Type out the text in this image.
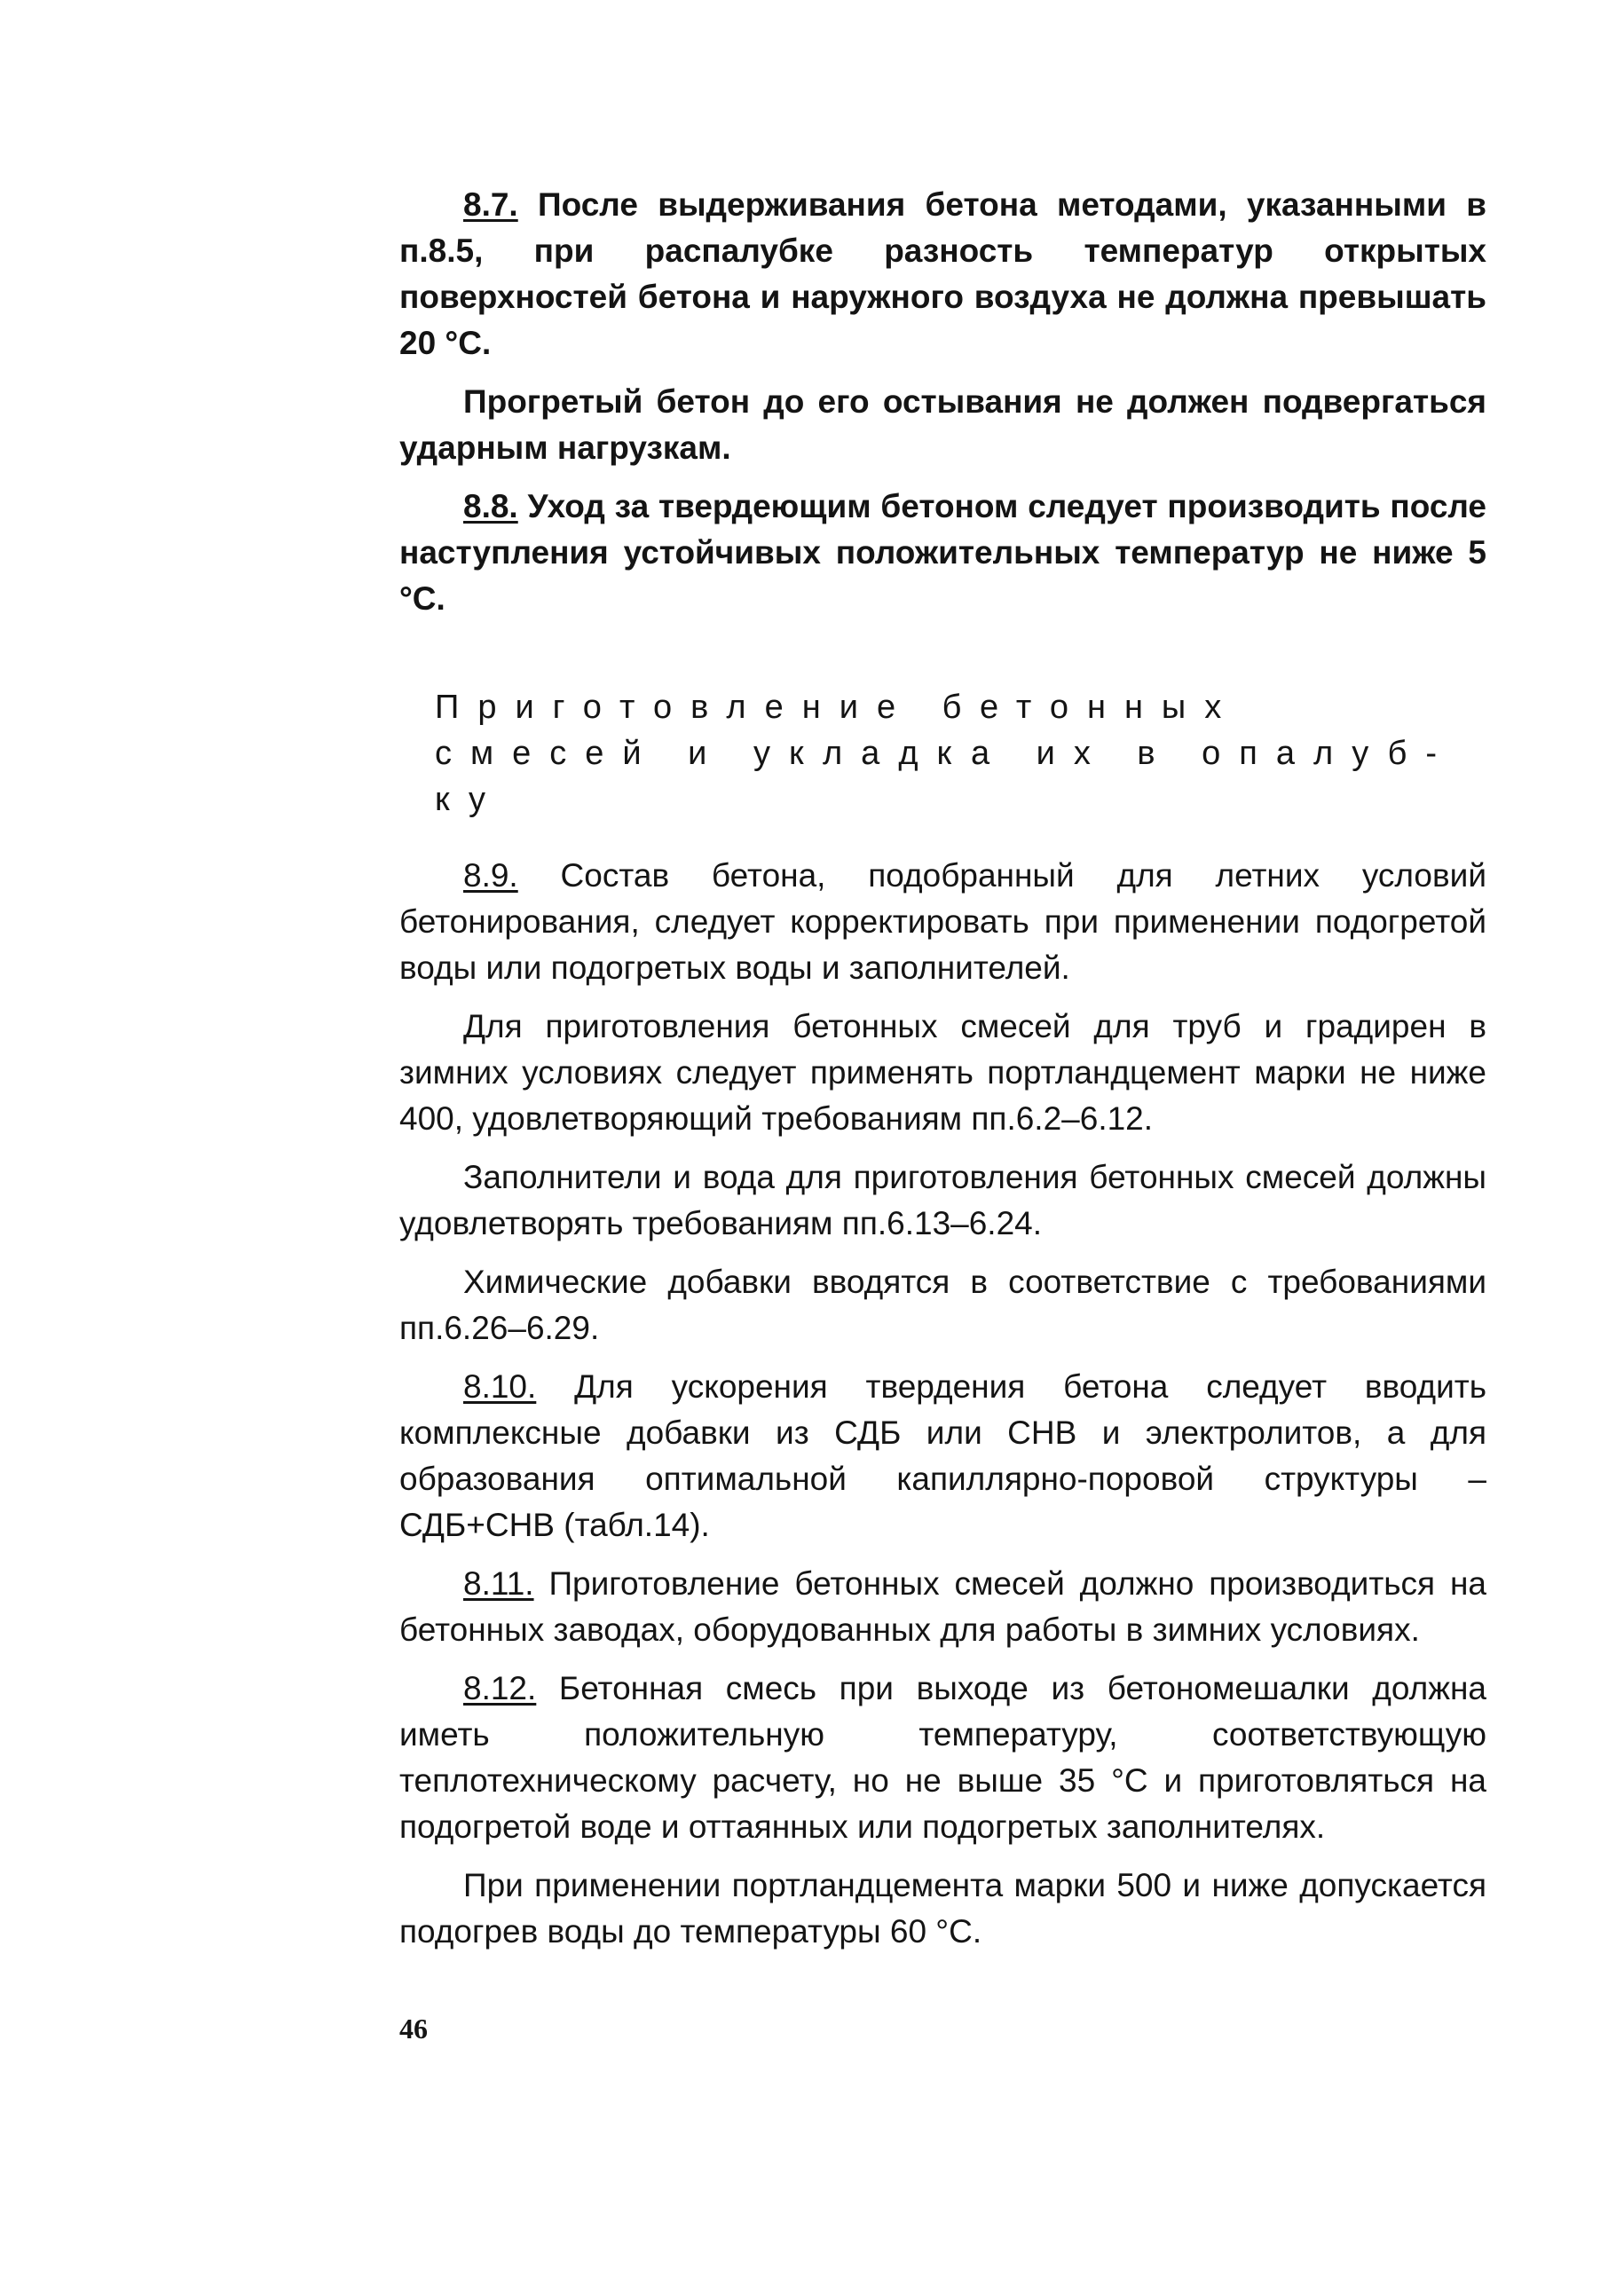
8.7. После выдерживания бетона методами, указанными в п.8.5, при распалубке разность температур открытых поверхностей бетона и наружного воздуха не должна превышать 20 °С.

Прогретый бетон до его остывания не должен подвергаться ударным нагрузкам.

8.8. Уход за твердеющим бетоном следует производить после наступления устойчивых положительных температур не ниже 5 °С.

Приготовление бетонных
смесей и укладка их в опалуб-
ку

8.9. Состав бетона, подобранный для летних условий бетонирования, следует корректировать при применении подогретой воды или подогретых воды и заполнителей.

Для приготовления бетонных смесей для труб и градирен в зимних условиях следует применять портландцемент марки не ниже 400, удовлетворяющий требованиям пп.6.2–6.12.

Заполнители и вода для приготовления бетонных смесей должны удовлетворять требованиям пп.6.13–6.24.

Химические добавки вводятся в соответствие с требованиями пп.6.26–6.29.

8.10. Для ускорения твердения бетона следует вводить комплексные добавки из СДБ или СНВ и электролитов, а для образования оптимальной капиллярно-поровой структуры – СДБ+СНВ (табл.14).

8.11. Приготовление бетонных смесей должно производиться на бетонных заводах, оборудованных для работы в зимних условиях.

8.12. Бетонная смесь при выходе из бетономешалки должна иметь положительную температуру, соответствующую теплотехническому расчету, но не выше 35 °С и приготовляться на подогретой воде и оттаянных или подогретых заполнителях.

При применении портландцемента марки 500 и ниже допускается подогрев воды до температуры 60 °С.

46
